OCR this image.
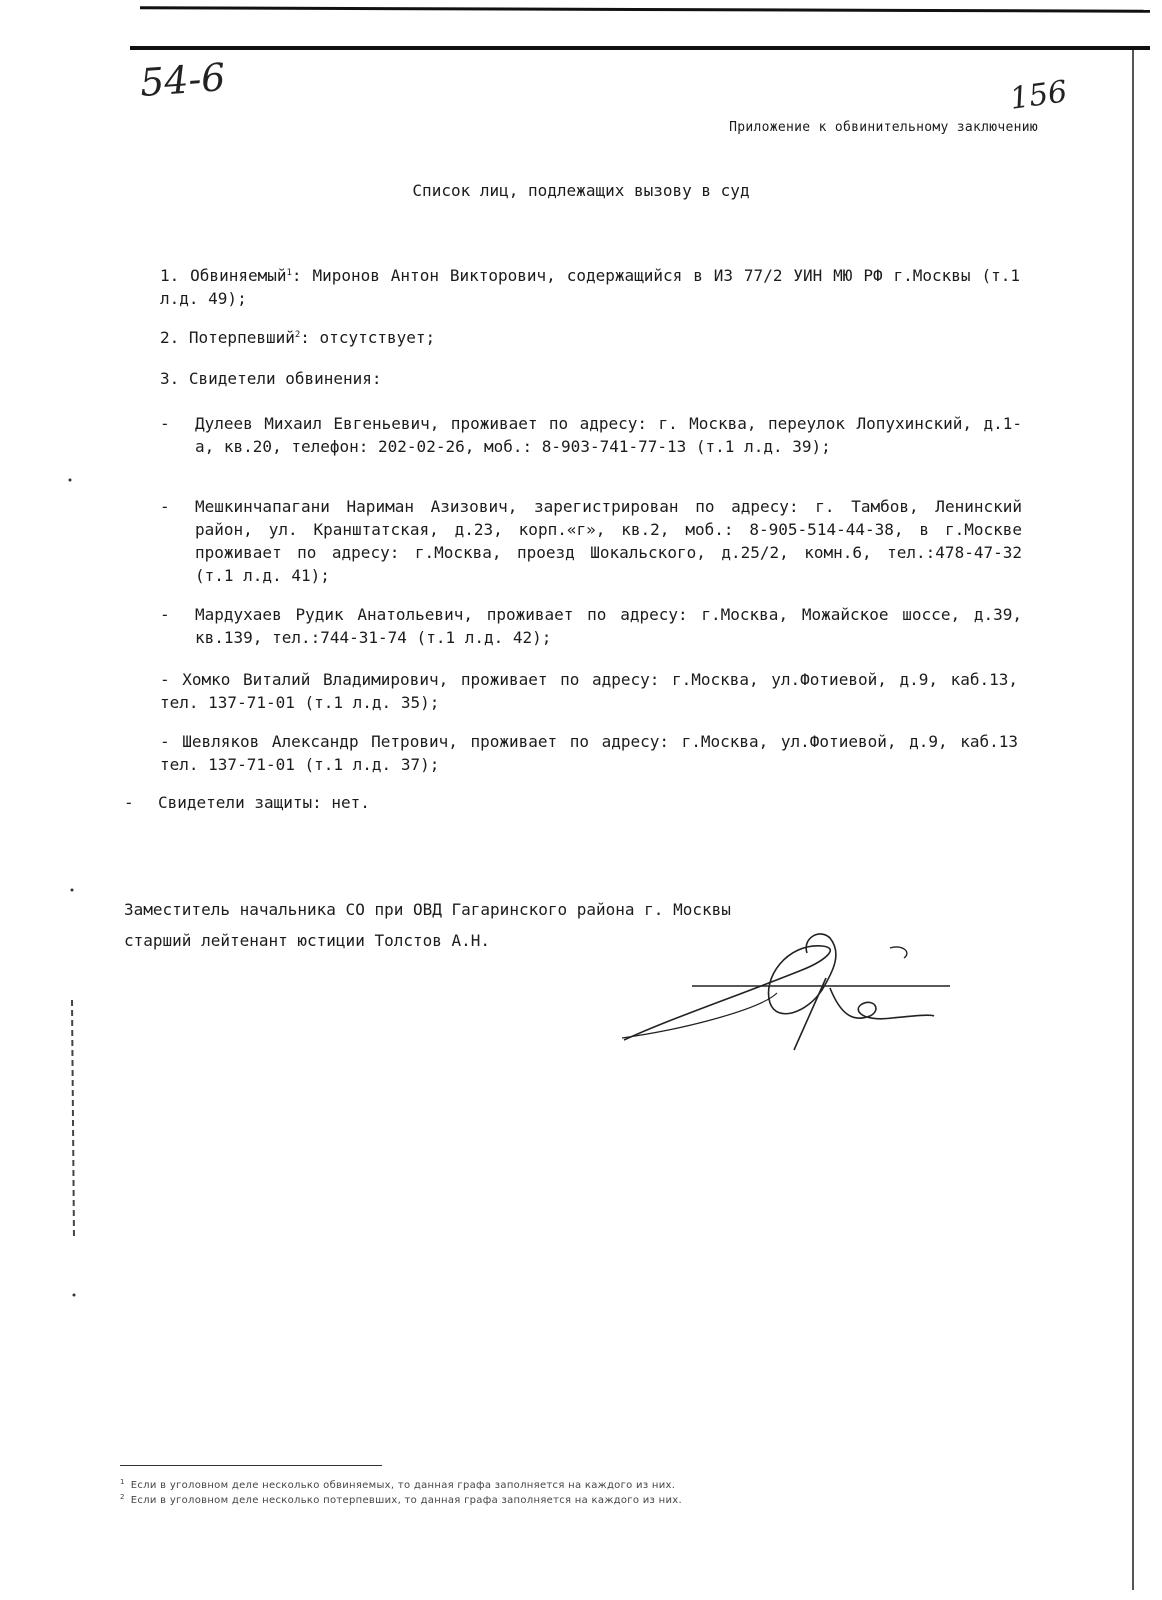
54-6	156
Приложение к обвинительному заключению
Список лиц, подлежащих вызову в суд
1. Обвиняемый$^1$: Миронов Антон Викторович, содержащийся в ИЗ 77/2 УИН МЮ РФ г.Москвы (т.1 л.д. 49);
2. Потерпевший$^2$: отсутствует;
3. Свидетели обвинения:
- Дулеев Михаил Евгеньевич, проживает по адресу: г. Москва, переулок Лопухинский, д.1-а, кв.20, телефон: 202-02-26, моб.: 8-903-741-77-13 (т.1 л.д. 39);
- Мешкинчапагани Нариман Азизович, зарегистрирован по адресу: г. Тамбов, Ленинский район, ул. Кранштатская, д.23, корп.«г», кв.2, моб.: 8-905-514-44-38, в г.Москве проживает по адресу: г.Москва, проезд Шокальского, д.25/2, комн.6, тел.:478-47-32 (т.1 л.д. 41);
- Мардухаев Рудик Анатольевич, проживает по адресу: г.Москва, Можайское шоссе, д.39, кв.139, тел.:744-31-74 (т.1 л.д. 42);
- Хомко Виталий Владимирович, проживает по адресу: г.Москва, ул.Фотиевой, д.9, каб.13, тел. 137-71-01 (т.1 л.д. 35);
- Шевляков Александр Петрович, проживает по адресу: г.Москва, ул.Фотиевой, д.9, каб.13 тел. 137-71-01 (т.1 л.д. 37);
- Свидетели защиты: нет.
Заместитель начальника СО при ОВД Гагаринского района г. Москвы
старший лейтенант юстиции Толстов А.Н.
$^1$ Если в уголовном деле несколько обвиняемых, то данная графа заполняется на каждого из них.
$^2$ Если в уголовном деле несколько потерпевших, то данная графа заполняется на каждого из них.
